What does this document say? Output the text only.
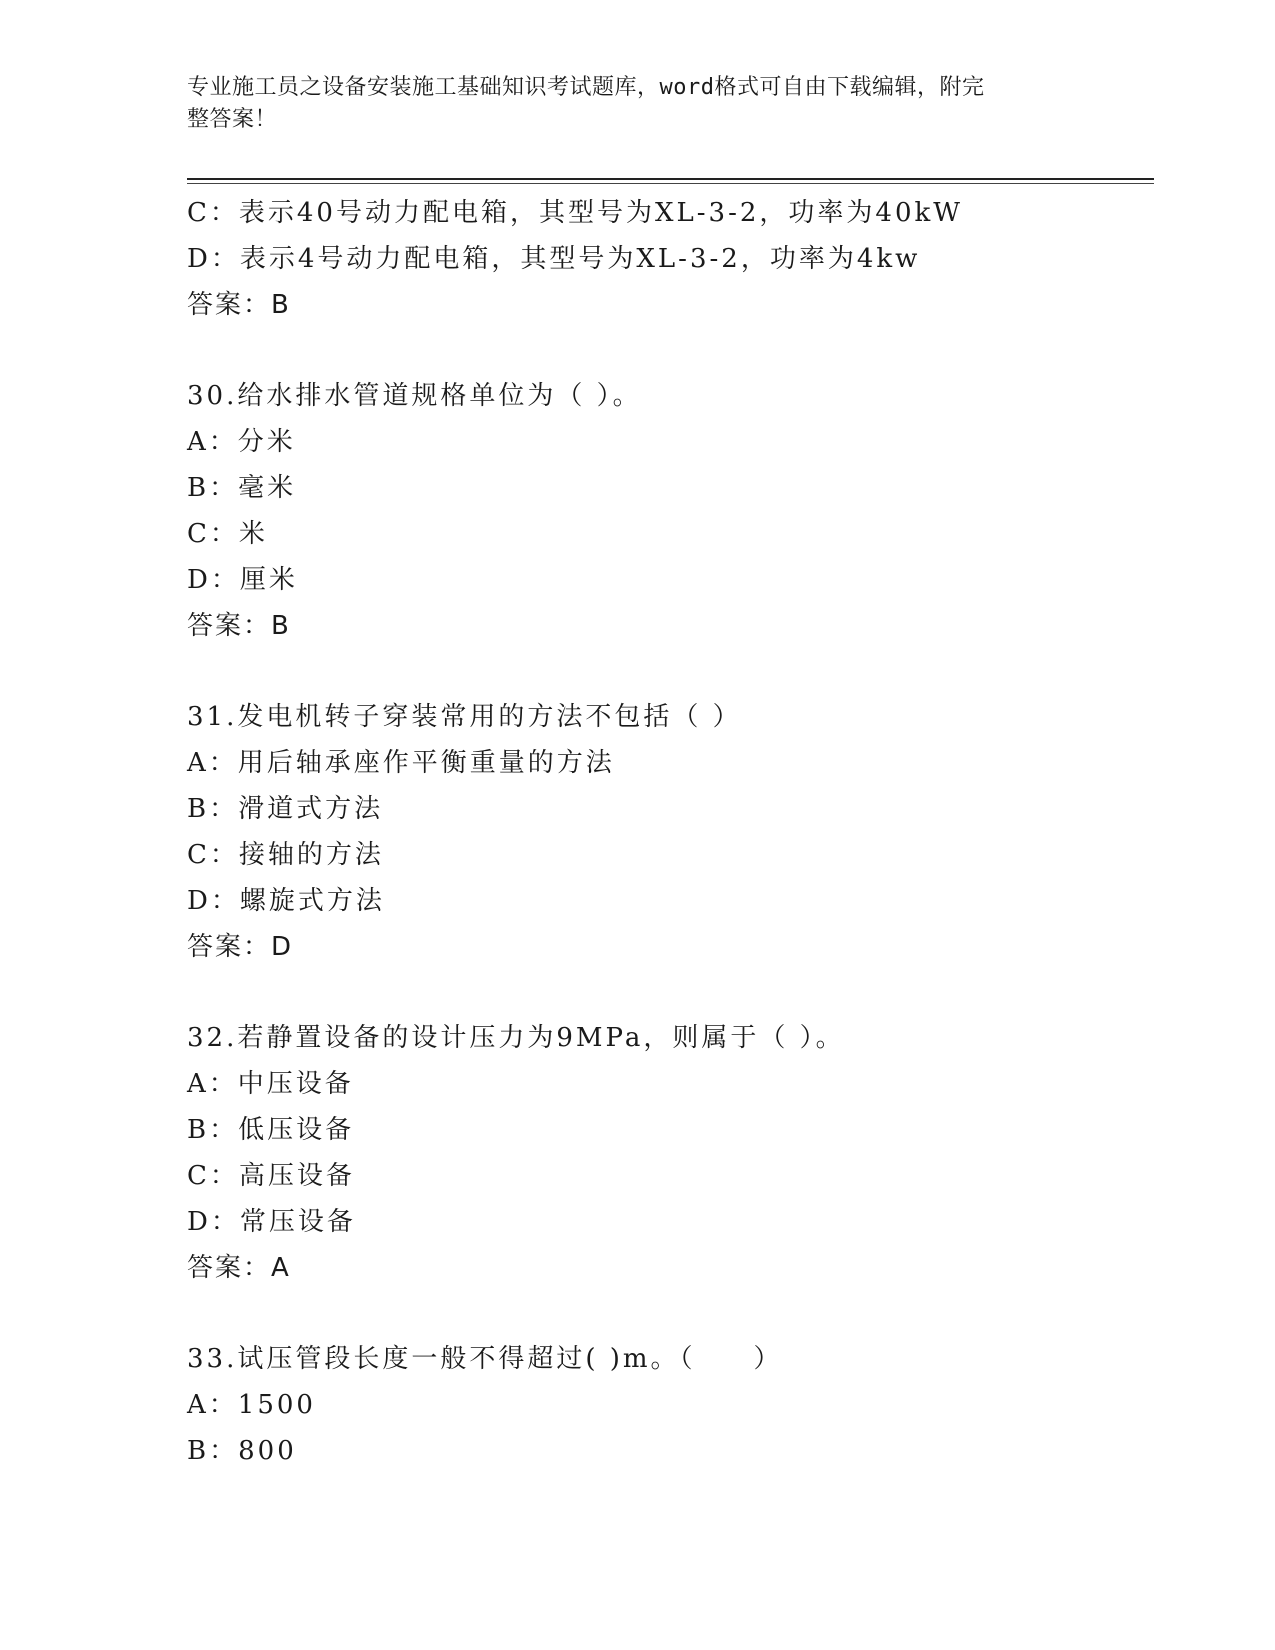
专业施工员之设备安装施工基础知识考试题库，word格式可自由下载编辑，附完
整答案！
C：表示40号动力配电箱，其型号为XL-3-2，功率为40kW
D：表示4号动力配电箱，其型号为XL-3-2，功率为4kw
答案：B
30.给水排水管道规格单位为（ ）。
A：分米
B：毫米
C：米
D：厘米
答案：B
31.发电机转子穿装常用的方法不包括（ ）
A：用后轴承座作平衡重量的方法
B：滑道式方法
C：接轴的方法
D：螺旋式方法
答案：D
32.若静置设备的设计压力为9MPa，则属于（ ）。
A：中压设备
B：低压设备
C：高压设备
D：常压设备
答案：A
33.试压管段长度一般不得超过( )m。（　　）
A：1500
B：800
